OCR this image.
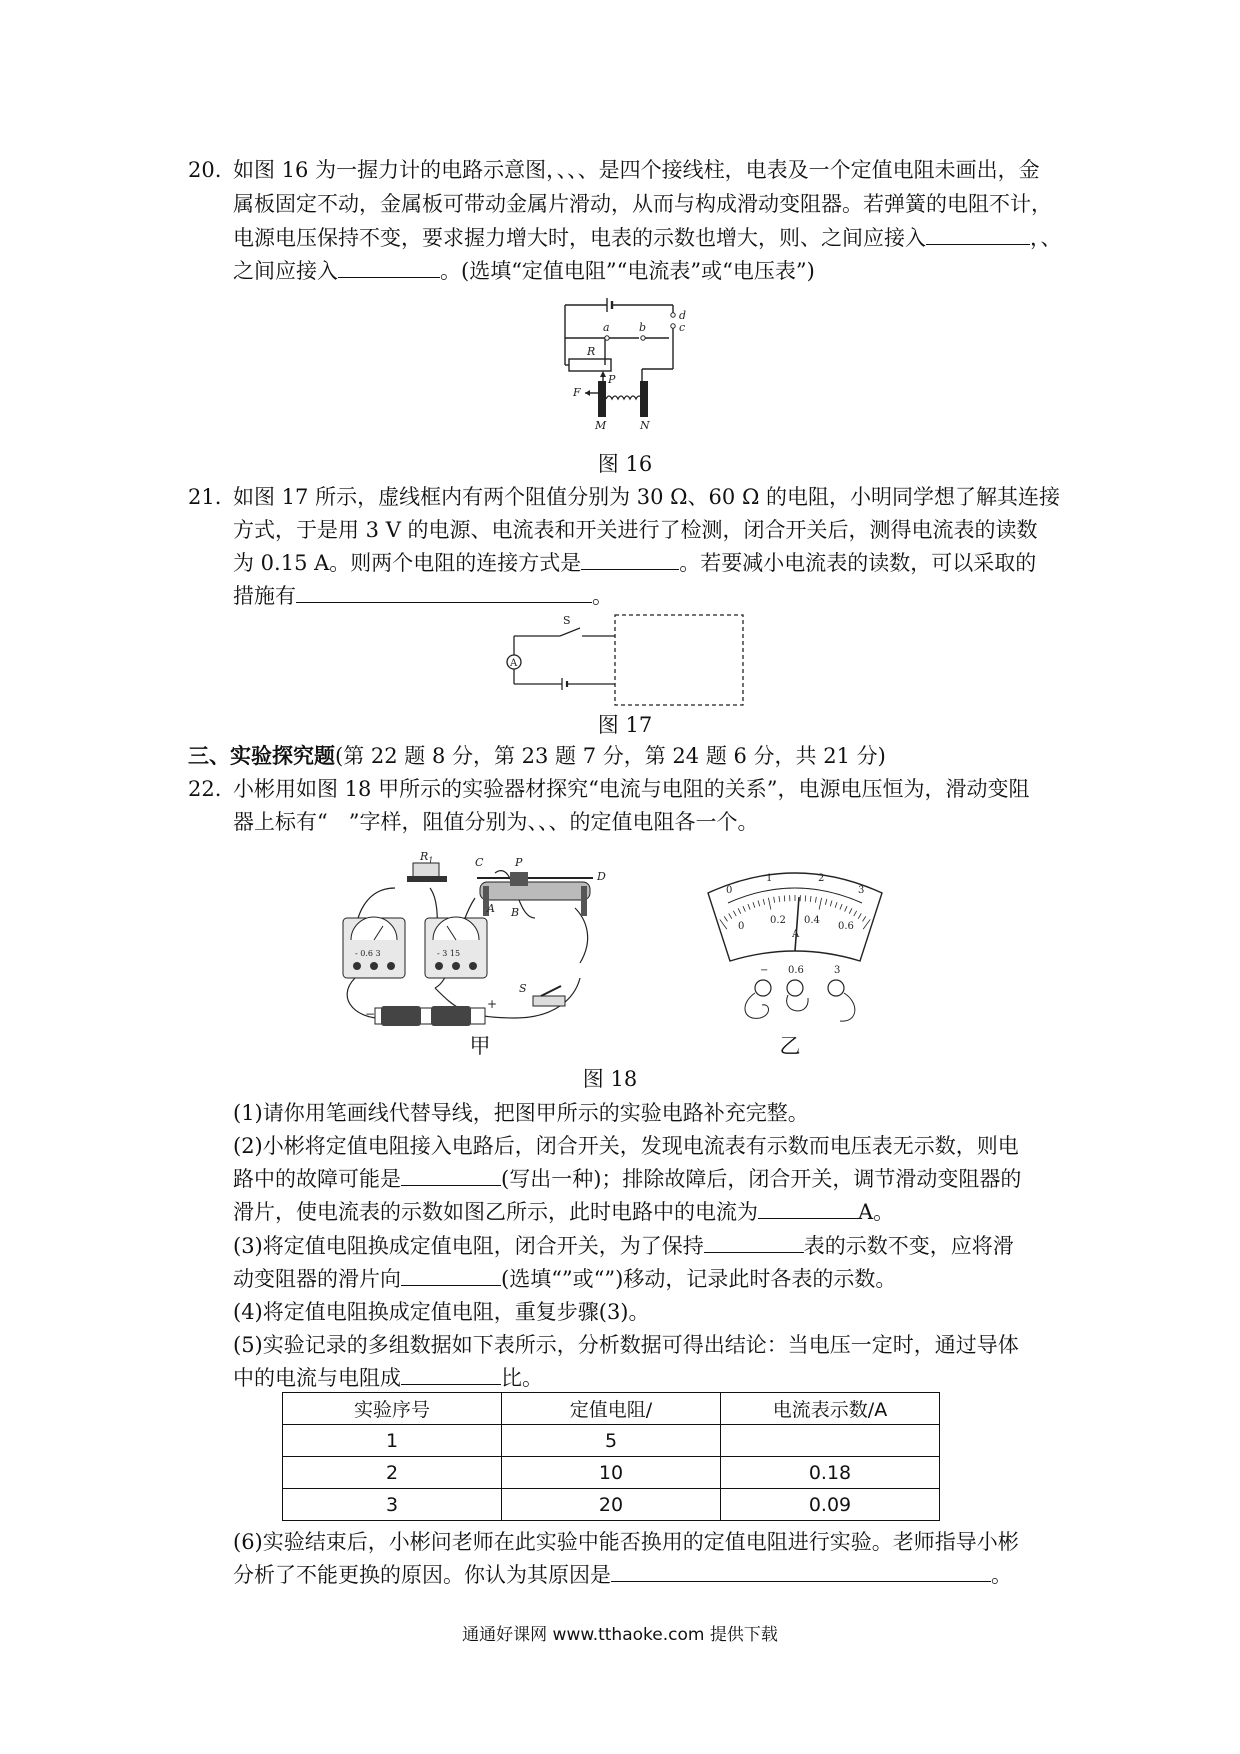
20. 如图 16 为一握力计的电路示意图，、、、是四个接线柱，电表及一个定值电阻未画出，金
属板固定不动，金属板可带动金属片滑动，从而与构成滑动变阻器。若弹簧的电阻不计，
电源电压保持不变，要求握力增大时，电表的示数也增大，则、之间应接入	，、
之间应接入	。(选填“定值电阻”“电流表”或“电压表”)
a	b	c
d
R
P
F
M	N
图 16
21. 如图 17 所示，虚线框内有两个阻值分别为 30 Ω、60 Ω 的电阻，小明同学想了解其连接
方式，于是用 3 V 的电源、电流表和开关进行了检测，闭合开关后，测得电流表的读数
为 0.15 A。则两个电阻的连接方式是	。若要减小电流表的读数，可以采取的
措施有	。
A
S
图 17
三、实验探究题(第 22 题 8 分，第 23 题 7 分，第 24 题 6 分，共 21 分)
22. 小彬用如图 18 甲所示的实验器材探究“电流与电阻的关系”，电源电压恒为，滑动变阻
器上标有“　”字样，阻值分别为、、、的定值电阻各一个。
$R_1$
- 0.6 3	- 3 15
−
+
C	P
D
A B
S
甲
0
1	2
3
0
0.2 0.4
0.6
A
− 0.6	3
乙
图 18
(1)请你用笔画线代替导线，把图甲所示的实验电路补充完整。
(2)小彬将定值电阻接入电路后，闭合开关，发现电流表有示数而电压表无示数，则电
路中的故障可能是	(写出一种)；排除故障后，闭合开关，调节滑动变阻器的
滑片，使电流表的示数如图乙所示，此时电路中的电流为	A。
(3)将定值电阻换成定值电阻，闭合开关，为了保持	表的示数不变，应将滑
动变阻器的滑片向	(选填“”或“”)移动，记录此时各表的示数。
(4)将定值电阻换成定值电阻，重复步骤(3)。
(5)实验记录的多组数据如下表所示，分析数据可得出结论：当电压一定时，通过导体
中的电流与电阻成	比。
实验序号	定值电阻/	电流表示数/A
1	5	
2	10	0.18
3	20	0.09
(6)实验结束后，小彬问老师在此实验中能否换用的定值电阻进行实验。老师指导小彬
分析了不能更换的原因。你认为其原因是	。
通通好课网 www.tthaoke.com 提供下载
